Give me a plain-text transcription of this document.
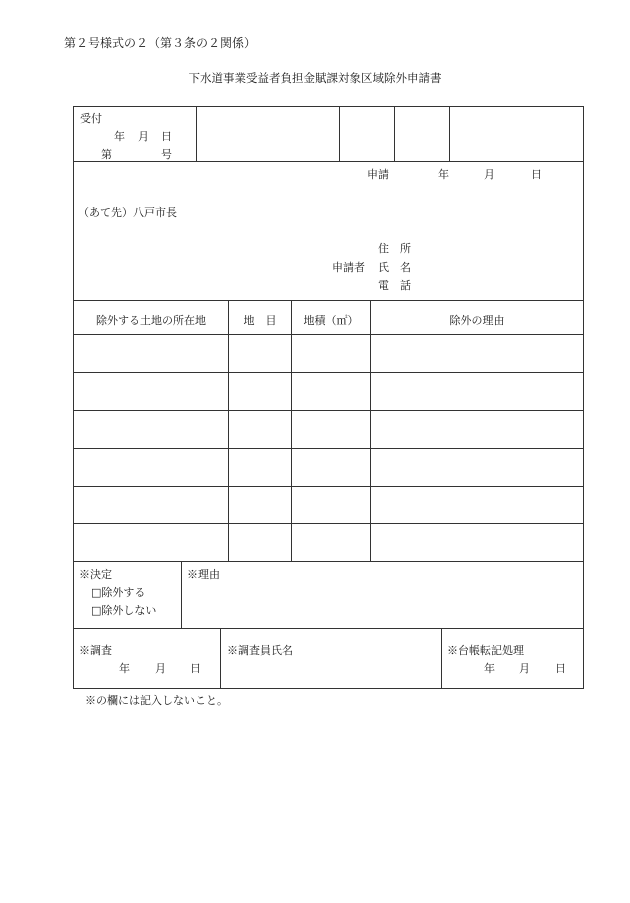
第２号様式の２（第３条の２関係）
下水道事業受益者負担金賦課対象区域除外申請書
受付
年 月 日
第	号
申請	年	月	日
（あて先）八戸市長
住　所
申請者 氏　名
電　話
除外する土地の所在地	地　目	地積（㎡）	除外の理由
※決定
□除外する
□除外しない
※理由
※調査
年 月 日
※調査員氏名	※台帳転記処理
年 月 日
※の欄には記入しないこと。
